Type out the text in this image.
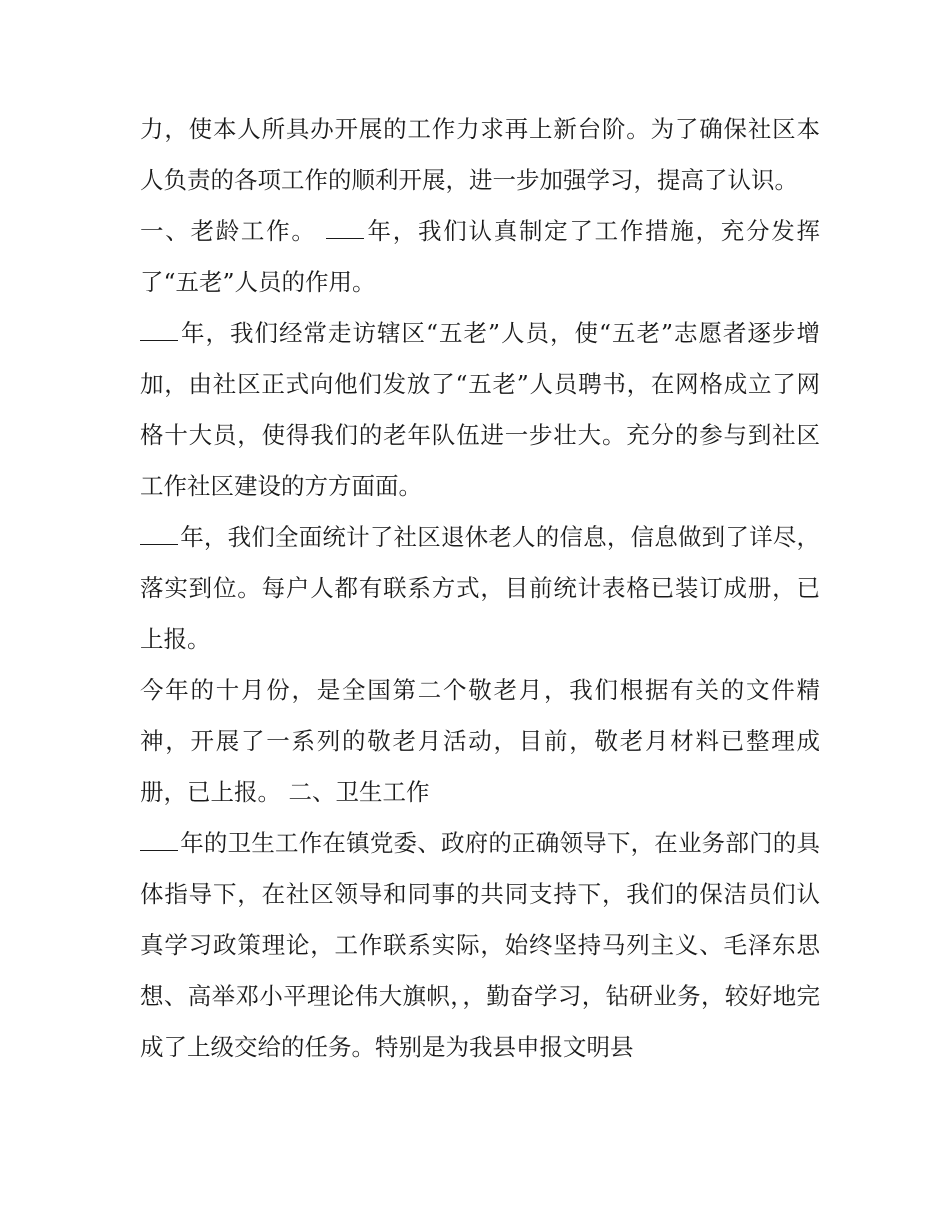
力，使本人所具办开展的工作力求再上新台阶。为了确保社区本人负责的各项工作的顺利开展，进一步加强学习，提高了认识。

一、老龄工作。 年，我们认真制定了工作措施，充分发挥了“五老”人员的作用。

年，我们经常走访辖区“五老”人员，使“五老”志愿者逐步增加，由社区正式向他们发放了“五老”人员聘书，在网格成立了网格十大员，使得我们的老年队伍进一步壮大。充分的参与到社区工作社区建设的方方面面。

年，我们全面统计了社区退休老人的信息，信息做到了详尽，落实到位。每户人都有联系方式，目前统计表格已装订成册，已上报。

今年的十月份，是全国第二个敬老月，我们根据有关的文件精神，开展了一系列的敬老月活动，目前，敬老月材料已整理成册，已上报。 二、卫生工作

年的卫生工作在镇党委、政府的正确领导下，在业务部门的具体指导下，在社区领导和同事的共同支持下，我们的保洁员们认真学习政策理论，工作联系实际，始终坚持马列主义、毛泽东思想、高举邓小平理论伟大旗帜，，勤奋学习，钻研业务，较好地完成了上级交给的任务。特别是为我县申报文明县
